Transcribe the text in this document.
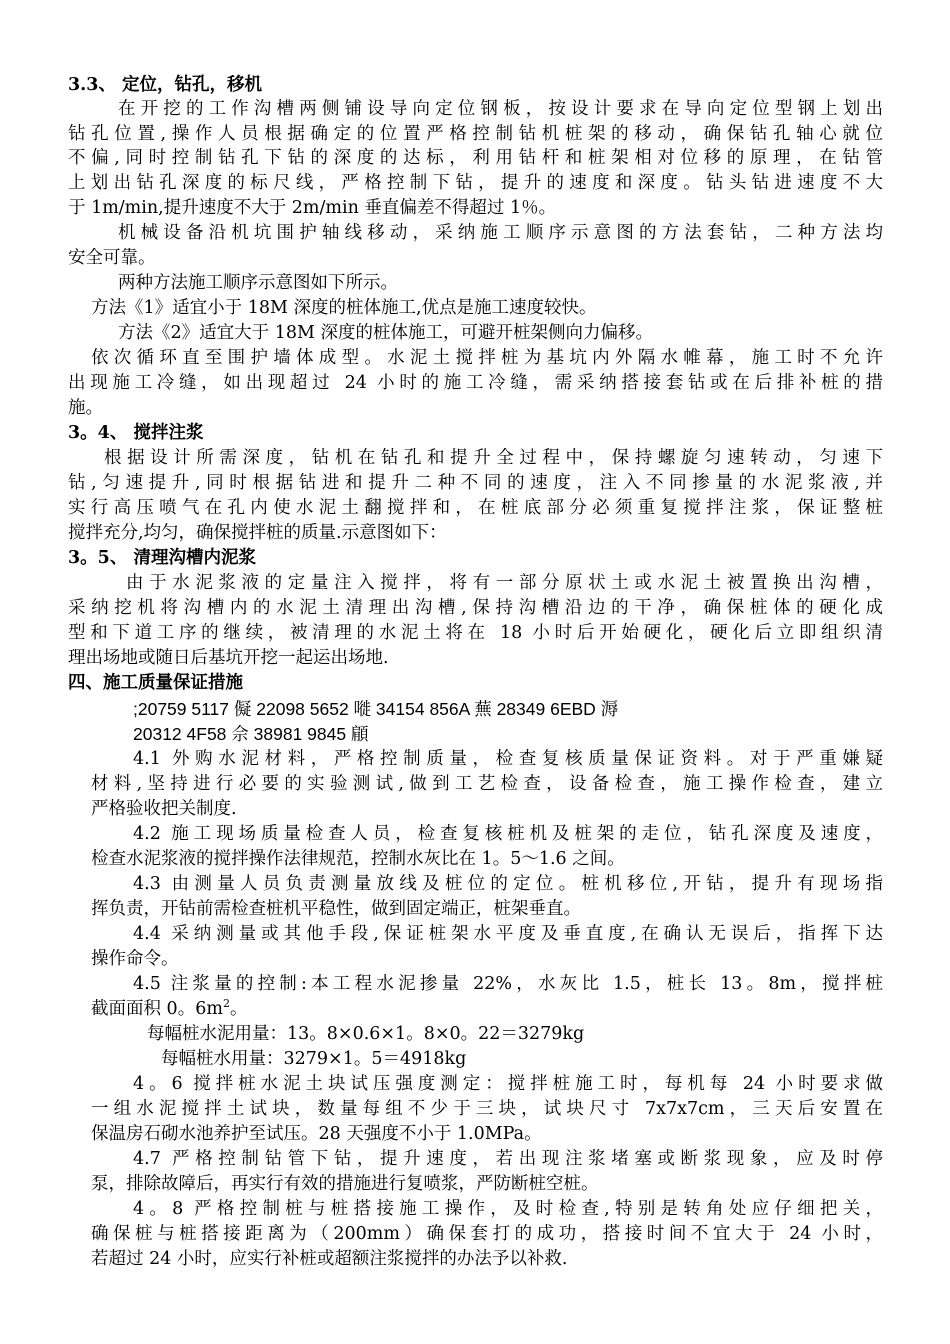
3.3、 定位，钻孔，移机
在开挖的工作沟槽两侧铺设导向定位钢板，按设计要求在导向定位型钢上划出
钻孔位置,操作人员根据确定的位置严格控制钻机桩架的移动，确保钻孔轴心就位
不偏,同时控制钻孔下钻的深度的达标，利用钻杆和桩架相对位移的原理，在钻管
上划出钻孔深度的标尺线，严格控制下钻，提升的速度和深度。钻头钻进速度不大
于 1m/min,提升速度不大于 2m/min 垂直偏差不得超过 1％。
机械设备沿机坑围护轴线移动，采纳施工顺序示意图的方法套钻，二种方法均
安全可靠。
两种方法施工顺序示意图如下所示。
方法《1》适宜小于 18M 深度的桩体施工,优点是施工速度较快。
方法《2》适宜大于 18M 深度的桩体施工，可避开桩架侧向力偏移。
依次循环直至围护墙体成型。水泥土搅拌桩为基坑内外隔水帷幕，施工时不允许
出现施工冷缝，如出现超过 24 小时的施工冷缝，需采纳搭接套钻或在后排补桩的措
施。
3。4、 搅拌注浆
根据设计所需深度，钻机在钻孔和提升全过程中，保持螺旋匀速转动，匀速下
钻,匀速提升,同时根据钻进和提升二种不同的速度，注入不同掺量的水泥浆液,并
实行高压喷气在孔内使水泥土翻搅拌和，在桩底部分必须重复搅拌注浆，保证整桩
搅拌充分,均匀，确保搅拌桩的质量.示意图如下：
3。5、 清理沟槽内泥浆
由于水泥浆液的定量注入搅拌，将有一部分原状土或水泥土被置换出沟槽，
采纳挖机将沟槽内的水泥土清理出沟槽,保持沟槽沿边的干净，确保桩体的硬化成
型和下道工序的继续，被清理的水泥土将在 18 小时后开始硬化，硬化后立即组织清
理出场地或随日后基坑开挖一起运出场地.
四、施工质量保证措施
;20759 5117 儗 22098 5652 嘥 34154 856A 蕪 28349 6EBD 溽
20312 4F58 佘 38981 9845 顅
4.1 外购水泥材料，严格控制质量，检查复核质量保证资料。对于严重嫌疑
材料,坚持进行必要的实验测试,做到工艺检查，设备检查，施工操作检查，建立
严格验收把关制度.
4.2 施工现场质量检查人员，检查复核桩机及桩架的走位，钻孔深度及速度，
检查水泥浆液的搅拌操作法律规范，控制水灰比在 1。5～1.6 之间。
4.3 由测量人员负责测量放线及桩位的定位。桩机移位,开钻，提升有现场指
挥负责，开钻前需检查桩机平稳性，做到固定端正，桩架垂直。
4.4 采纳测量或其他手段,保证桩架水平度及垂直度,在确认无误后，指挥下达
操作命令。
4.5 注浆量的控制:本工程水泥掺量 22%，水灰比 1.5，桩长 13。8m，搅拌桩
截面面积 0。$6m^2$。
每幅桩水泥用量：13。8×0.6×1。8×0。22＝3279kg
每幅桩水用量：3279×1。5＝4918kg
4。6 搅拌桩水泥土块试压强度测定：搅拌桩施工时，每机每 24 小时要求做
一组水泥搅拌土试块，数量每组不少于三块，试块尺寸 7x7x7cm，三天后安置在
保温房石砌水池养护至试压。28 天强度不小于 1.0MPa。
4.7 严格控制钻管下钻，提升速度，若出现注浆堵塞或断浆现象，应及时停
泵，排除故障后，再实行有效的措施进行复喷浆，严防断桩空桩。
4。8 严格控制桩与桩搭接施工操作，及时检查,特别是转角处应仔细把关，
确保桩与桩搭接距离为（200mm）确保套打的成功，搭接时间不宜大于 24 小时，
若超过 24 小时，应实行补桩或超额注浆搅拌的办法予以补救.
